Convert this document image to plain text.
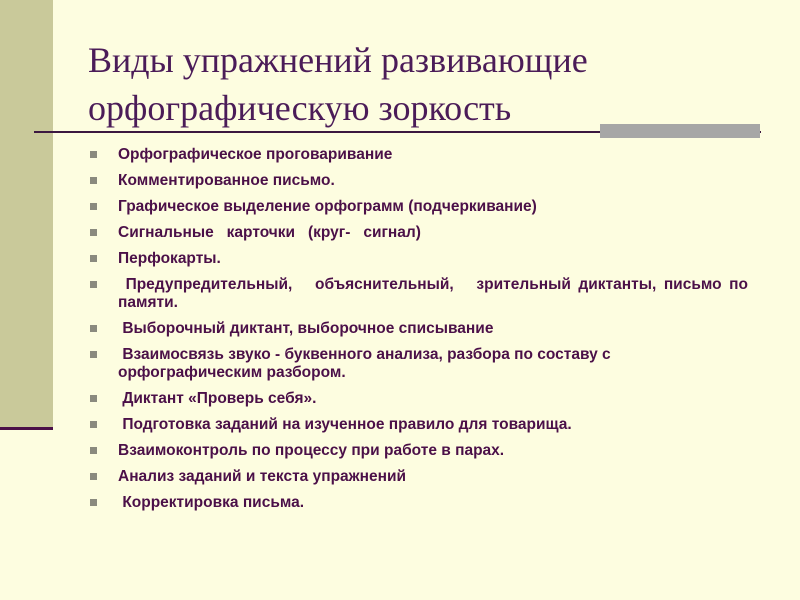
Виды упражнений развивающие
орфографическую зоркость
Орфографическое проговаривание
Комментированное письмо.
Графическое выделение орфограмм (подчеркивание)
Сигнальные   карточки   (круг-   сигнал)
Перфокарты.
Предупредительный,   объяснительный,   зрительный диктанты, письмо по памяти.
Выборочный диктант, выборочное списывание
Взаимосвязь звуко - буквенного анализа, разбора по составу с орфографическим разбором.
Диктант «Проверь себя».
Подготовка заданий на изученное правило для товарища.
Взаимоконтроль по процессу при работе в парах.
Анализ заданий и текста упражнений
Корректировка письма.
